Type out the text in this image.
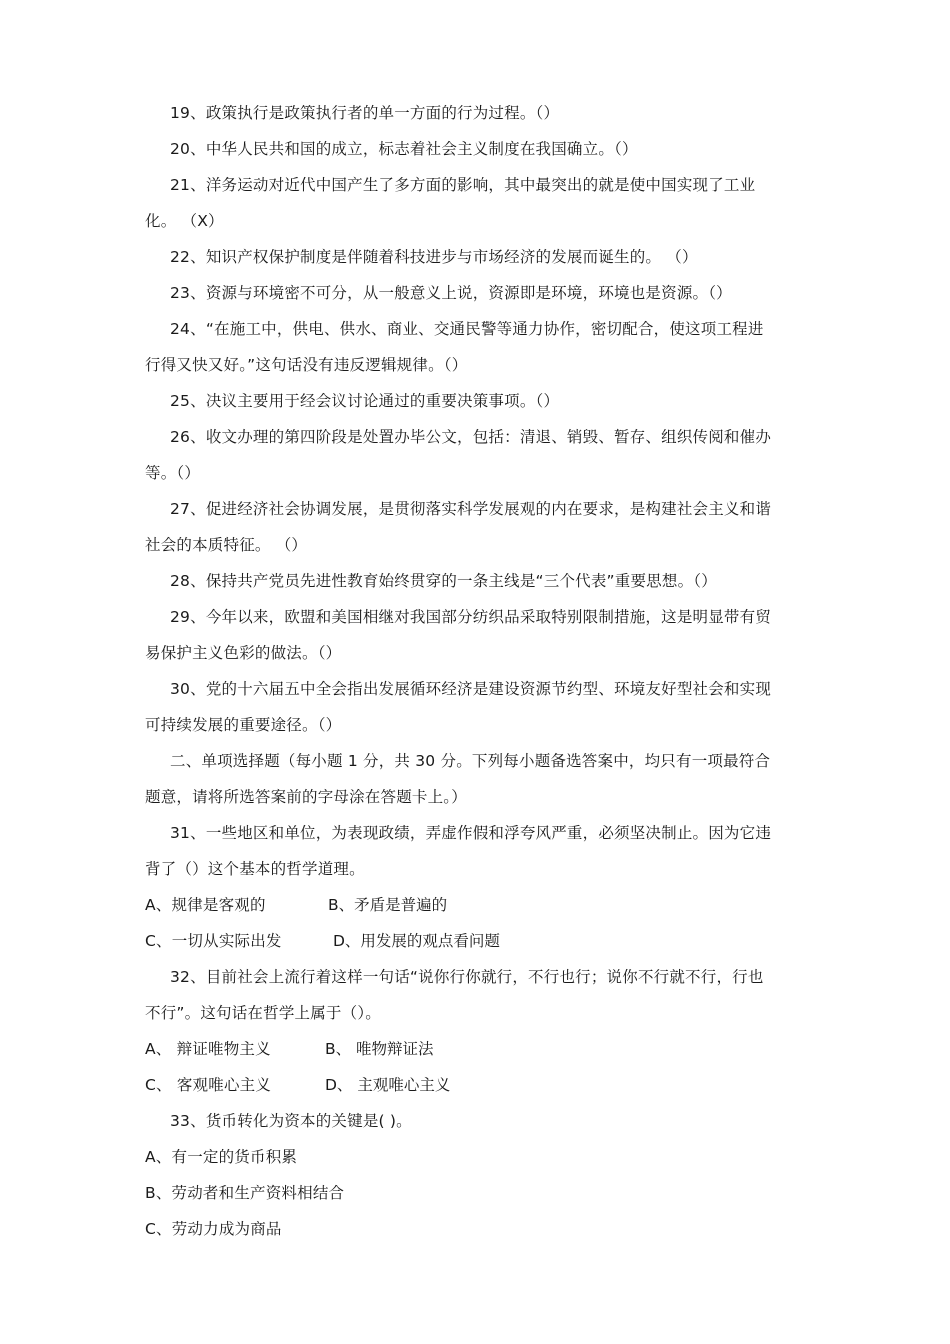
19、政策执行是政策执行者的单一方面的行为过程。（）
20、中华人民共和国的成立，标志着社会主义制度在我国确立。（）
21、洋务运动对近代中国产生了多方面的影响，其中最突出的就是使中国实现了工业
化。 （X）
22、知识产权保护制度是伴随着科技进步与市场经济的发展而诞生的。 （）
23、资源与环境密不可分，从一般意义上说，资源即是环境，环境也是资源。（）
24、“在施工中，供电、供水、商业、交通民警等通力协作，密切配合，使这项工程进
行得又快又好。”这句话没有违反逻辑规律。（）
25、决议主要用于经会议讨论通过的重要决策事项。（）
26、收文办理的第四阶段是处置办毕公文，包括：清退、销毁、暂存、组织传阅和催办
等。（）
27、促进经济社会协调发展，是贯彻落实科学发展观的内在要求，是构建社会主义和谐
社会的本质特征。 （）
28、保持共产党员先进性教育始终贯穿的一条主线是“三个代表”重要思想。（）
29、今年以来，欧盟和美国相继对我国部分纺织品采取特别限制措施，这是明显带有贸
易保护主义色彩的做法。（）
30、党的十六届五中全会指出发展循环经济是建设资源节约型、环境友好型社会和实现
可持续发展的重要途径。（）
二、单项选择题（每小题 1 分，共 30 分。下列每小题备选答案中，均只有一项最符合
题意，请将所选答案前的字母涂在答题卡上。）
31、一些地区和单位，为表现政绩，弄虚作假和浮夸风严重，必须坚决制止。因为它违
背了（）这个基本的哲学道理。
A、规律是客观的	B、矛盾是普遍的
C、一切从实际出发	D、用发展的观点看问题
32、目前社会上流行着这样一句话“说你行你就行，不行也行；说你不行就不行，行也
不行”。这句话在哲学上属于（）。
A、 辩证唯物主义	B、 唯物辩证法
C、 客观唯心主义	D、 主观唯心主义
33、货币转化为资本的关键是( )。
A、有一定的货币积累
B、劳动者和生产资料相结合
C、劳动力成为商品
